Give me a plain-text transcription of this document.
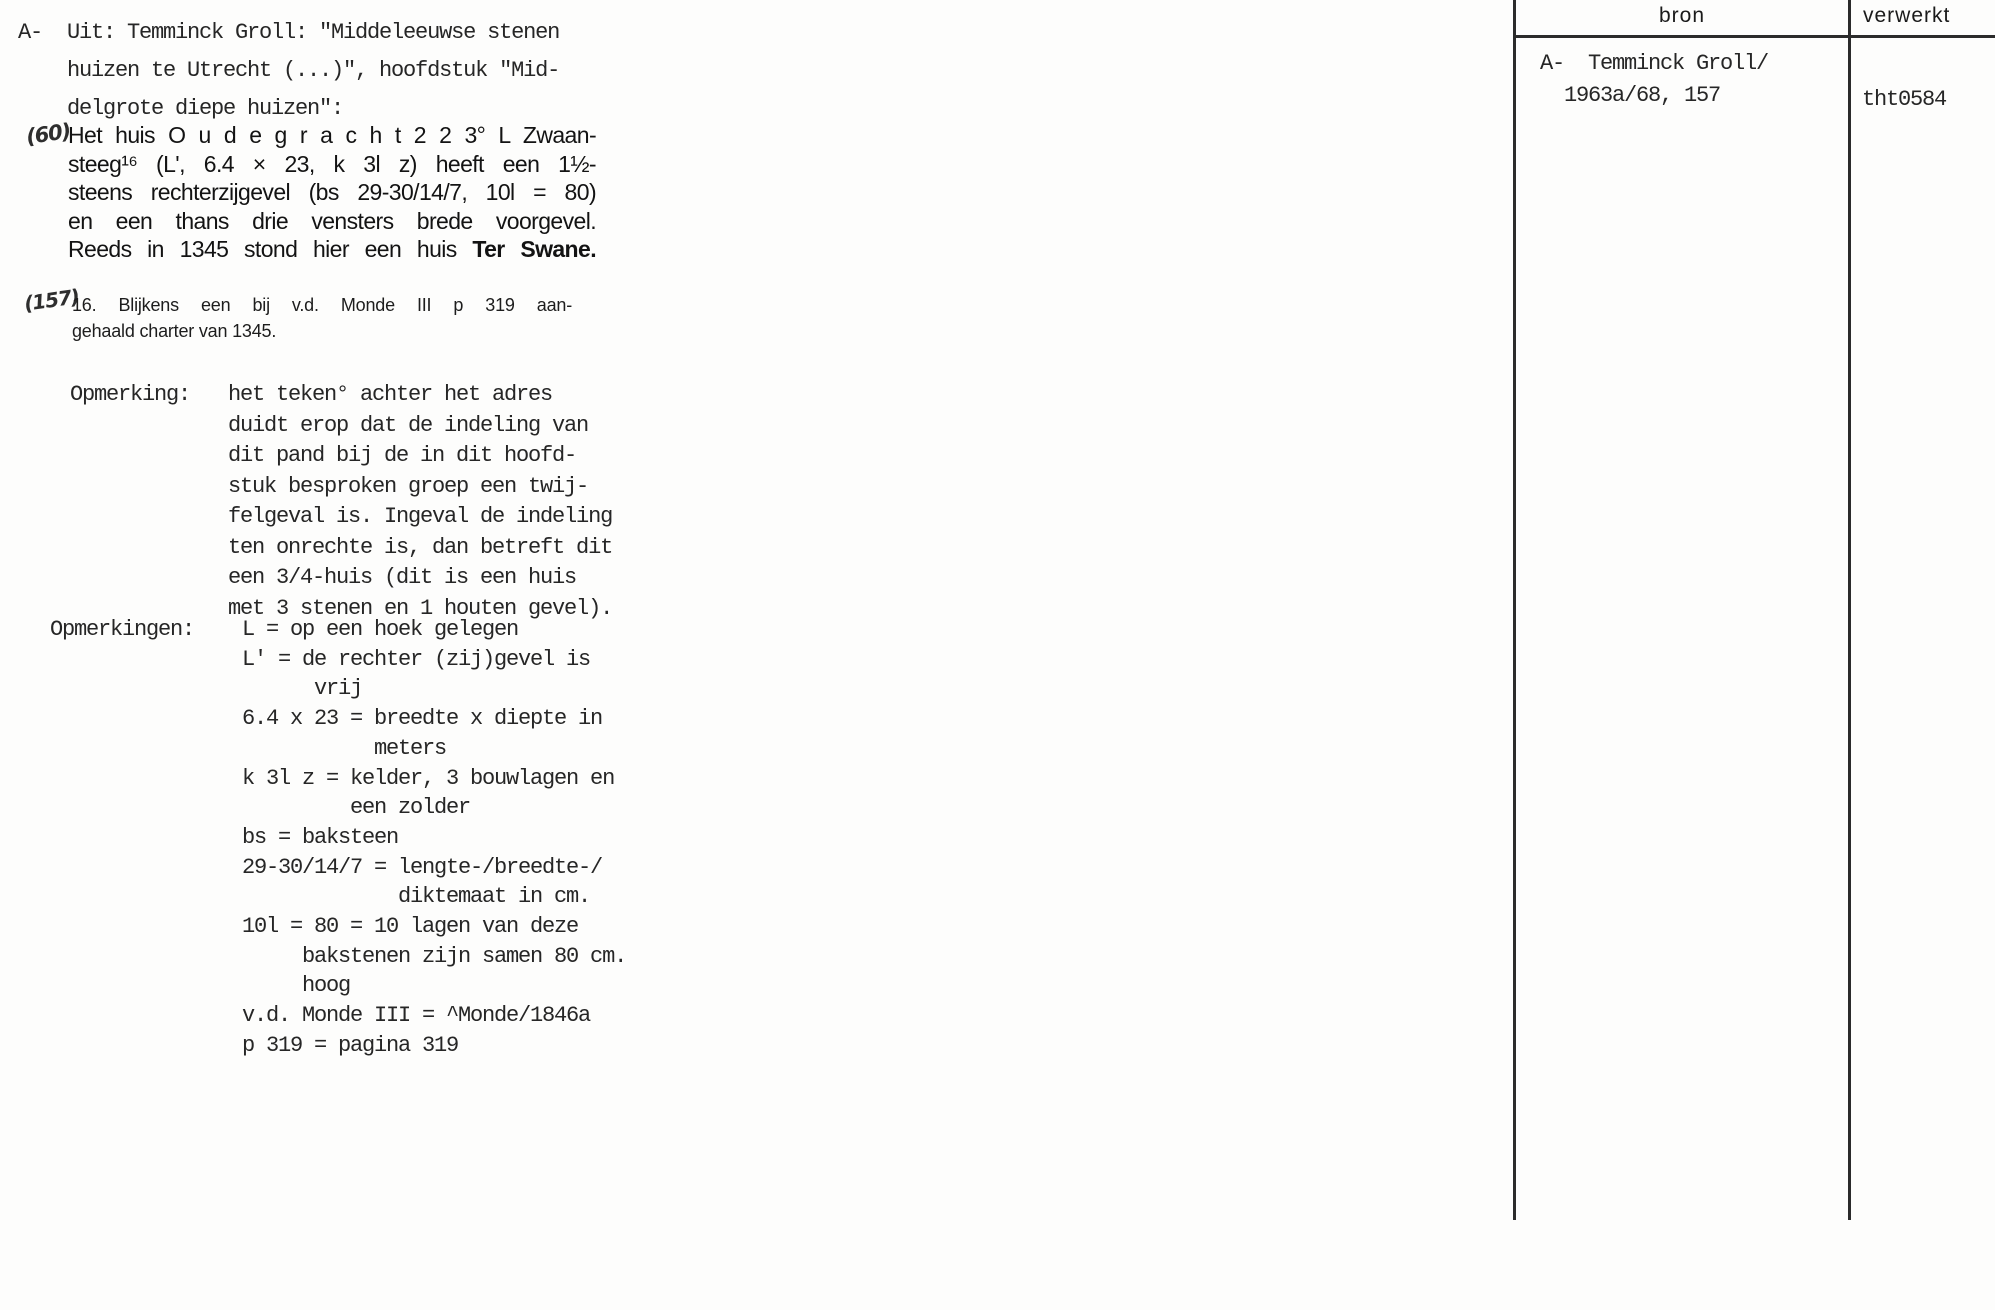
A- Uit: Temminck Groll: "Middeleeuwse stenen
huizen te Utrecht (...)", hoofdstuk "Mid-
delgrote diepe huizen":
(60)
Het huis O u d e g r a c h t 2 2 3° L Zwaan-
steeg¹⁶ (L', 6.4 × 23, k 3l z) heeft een 1½-
steens rechterzijgevel (bs 29-30/14/7, 10l = 80)
en een thans drie vensters brede voorgevel.
Reeds in 1345 stond hier een huis Ter Swane.
(157)
16. Blijkens een bij v.d. Monde III p 319 aan-
gehaald charter van 1345.
Opmerking: het teken° achter het adres
duidt erop dat de indeling van
dit pand bij de in dit hoofd-
stuk besproken groep een twij-
felgeval is. Ingeval de indeling
ten onrechte is, dan betreft dit
een 3/4-huis (dit is een huis
met 3 stenen en 1 houten gevel).
Opmerkingen: L = op een hoek gelegen
L' = de rechter (zij)gevel is
vrij
6.4 x 23 = breedte x diepte in
meters
k 3l z = kelder, 3 bouwlagen en
een zolder
bs = baksteen
29-30/14/7 = lengte-/breedte-/
diktemaat in cm.
10l = 80 = 10 lagen van deze
bakstenen zijn samen 80 cm.
hoog
v.d. Monde III = ^Monde/1846a
p 319 = pagina 319
bron	verwerkt
A-  Temminck Groll/
1963a/68, 157	tht0584
